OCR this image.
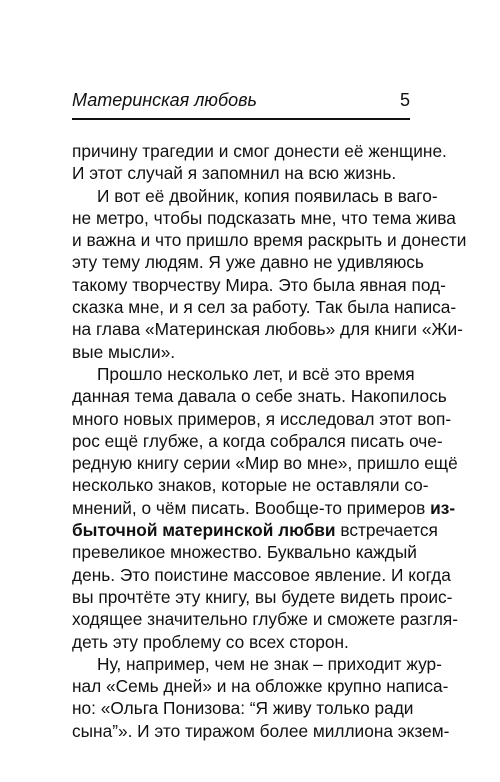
Материнская любовь	5
причину трагедии и смог донести её женщине.
И этот случай я запомнил на всю жизнь.
И вот её двойник, копия появилась в ваго-
не метро, чтобы подсказать мне, что тема жива
и важна и что пришло время раскрыть и донести
эту тему людям. Я уже давно не удивляюсь
такому творчеству Мира. Это была явная под-
сказка мне, и я сел за работу. Так была написа-
на глава «Материнская любовь» для книги «Жи-
вые мысли».
Прошло несколько лет, и всё это время
данная тема давала о себе знать. Накопилось
много новых примеров, я исследовал этот воп-
рос ещё глубже, а когда собрался писать оче-
редную книгу серии «Мир во мне», пришло ещё
несколько знаков, которые не оставляли со-
мнений, о чём писать. Вообще-то примеров из-
быточной материнской любви встречается
превеликое множество. Буквально каждый
день. Это поистине массовое явление. И когда
вы прочтёте эту книгу, вы будете видеть проис-
ходящее значительно глубже и сможете разгля-
деть эту проблему со всех сторон.
Ну, например, чем не знак – приходит жур-
нал «Семь дней» и на обложке крупно написа-
но: «Ольга Понизова: “Я живу только ради
сына”». И это тиражом более миллиона экзем-
